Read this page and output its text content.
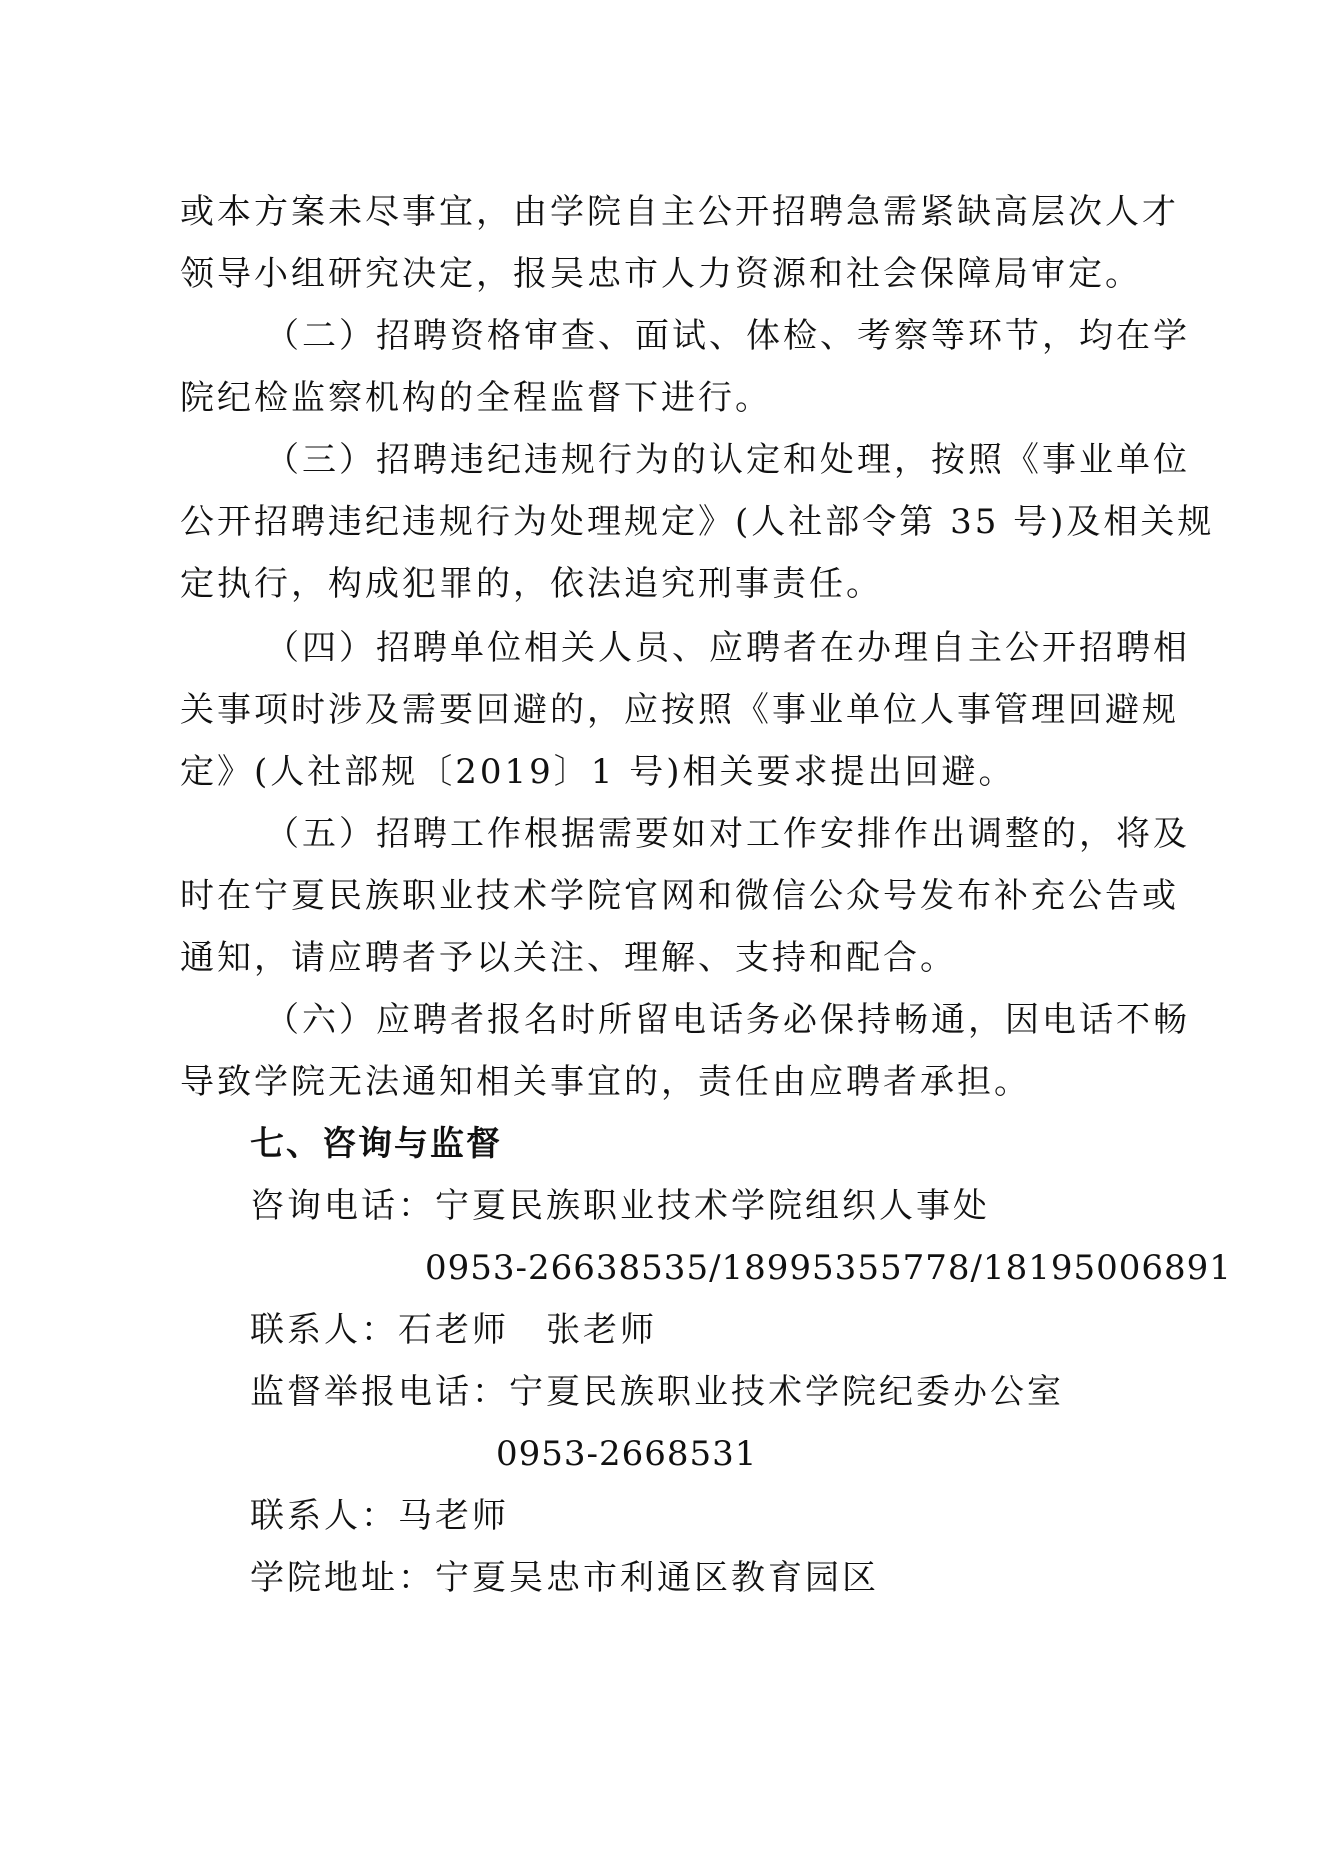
或本方案未尽事宜，由学院自主公开招聘急需紧缺高层次人才
领导小组研究决定，报吴忠市人力资源和社会保障局审定。
（二）招聘资格审查、面试、体检、考察等环节，均在学
院纪检监察机构的全程监督下进行。
（三）招聘违纪违规行为的认定和处理，按照《事业单位
公开招聘违纪违规行为处理规定》(人社部令第 35 号)及相关规
定执行，构成犯罪的，依法追究刑事责任。
（四）招聘单位相关人员、应聘者在办理自主公开招聘相
关事项时涉及需要回避的，应按照《事业单位人事管理回避规
定》(人社部规〔2019〕1 号)相关要求提出回避。
（五）招聘工作根据需要如对工作安排作出调整的，将及
时在宁夏民族职业技术学院官网和微信公众号发布补充公告或
通知，请应聘者予以关注、理解、支持和配合。
（六）应聘者报名时所留电话务必保持畅通，因电话不畅
导致学院无法通知相关事宜的，责任由应聘者承担。
七、咨询与监督
咨询电话：宁夏民族职业技术学院组织人事处
0953-26638535/18995355778/18195006891
联系人：石老师　张老师
监督举报电话：宁夏民族职业技术学院纪委办公室
0953-2668531
联系人：马老师
学院地址：宁夏吴忠市利通区教育园区
